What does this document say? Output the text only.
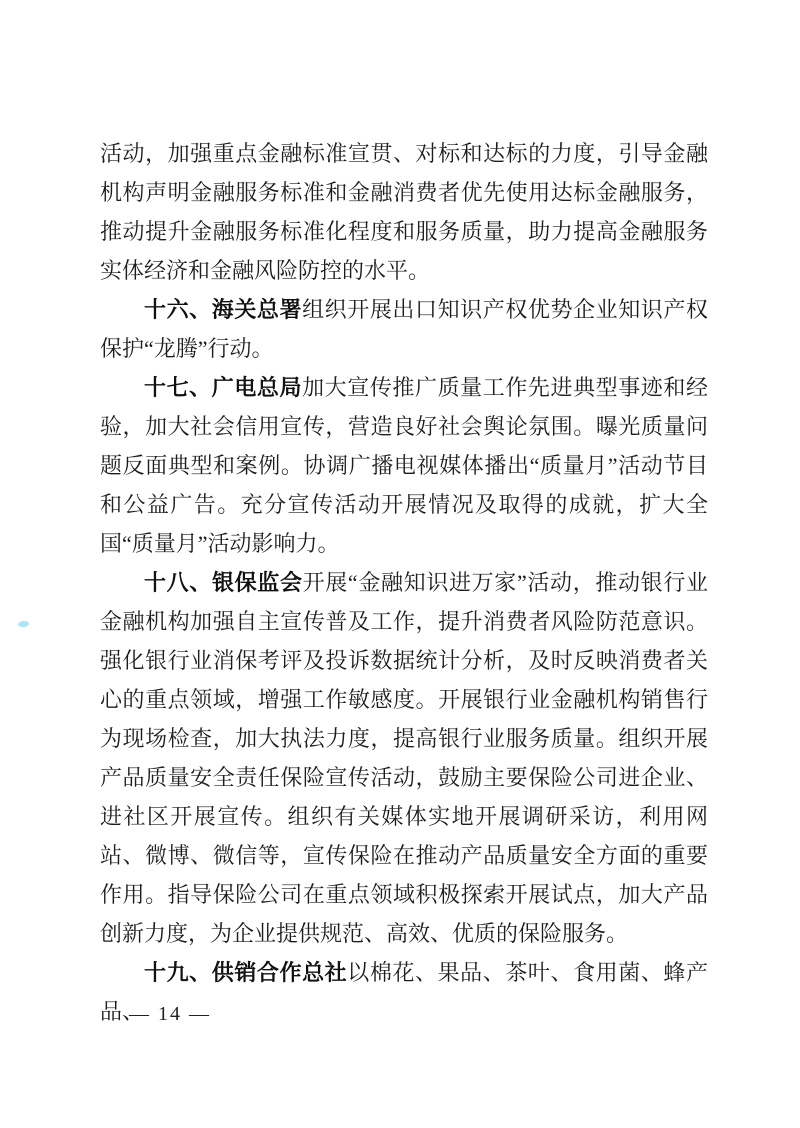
活动，加强重点金融标准宣贯、对标和达标的力度，引导金融机构声明金融服务标准和金融消费者优先使用达标金融服务，推动提升金融服务标准化程度和服务质量，助力提高金融服务实体经济和金融风险防控的水平。

十六、海关总署组织开展出口知识产权优势企业知识产权保护“龙腾”行动。

十七、广电总局加大宣传推广质量工作先进典型事迹和经验，加大社会信用宣传，营造良好社会舆论氛围。曝光质量问题反面典型和案例。协调广播电视媒体播出“质量月”活动节目和公益广告。充分宣传活动开展情况及取得的成就，扩大全国“质量月”活动影响力。

十八、银保监会开展“金融知识进万家”活动，推动银行业金融机构加强自主宣传普及工作，提升消费者风险防范意识。强化银行业消保考评及投诉数据统计分析，及时反映消费者关心的重点领域，增强工作敏感度。开展银行业金融机构销售行为现场检查，加大执法力度，提高银行业服务质量。组织开展产品质量安全责任保险宣传活动，鼓励主要保险公司进企业、进社区开展宣传。组织有关媒体实地开展调研采访，利用网站、微博、微信等，宣传保险在推动产品质量安全方面的重要作用。指导保险公司在重点领域积极探索开展试点，加大产品创新力度，为企业提供规范、高效、优质的保险服务。

十九、供销合作总社以棉花、果品、茶叶、食用菌、蜂产品、

— 14 —
